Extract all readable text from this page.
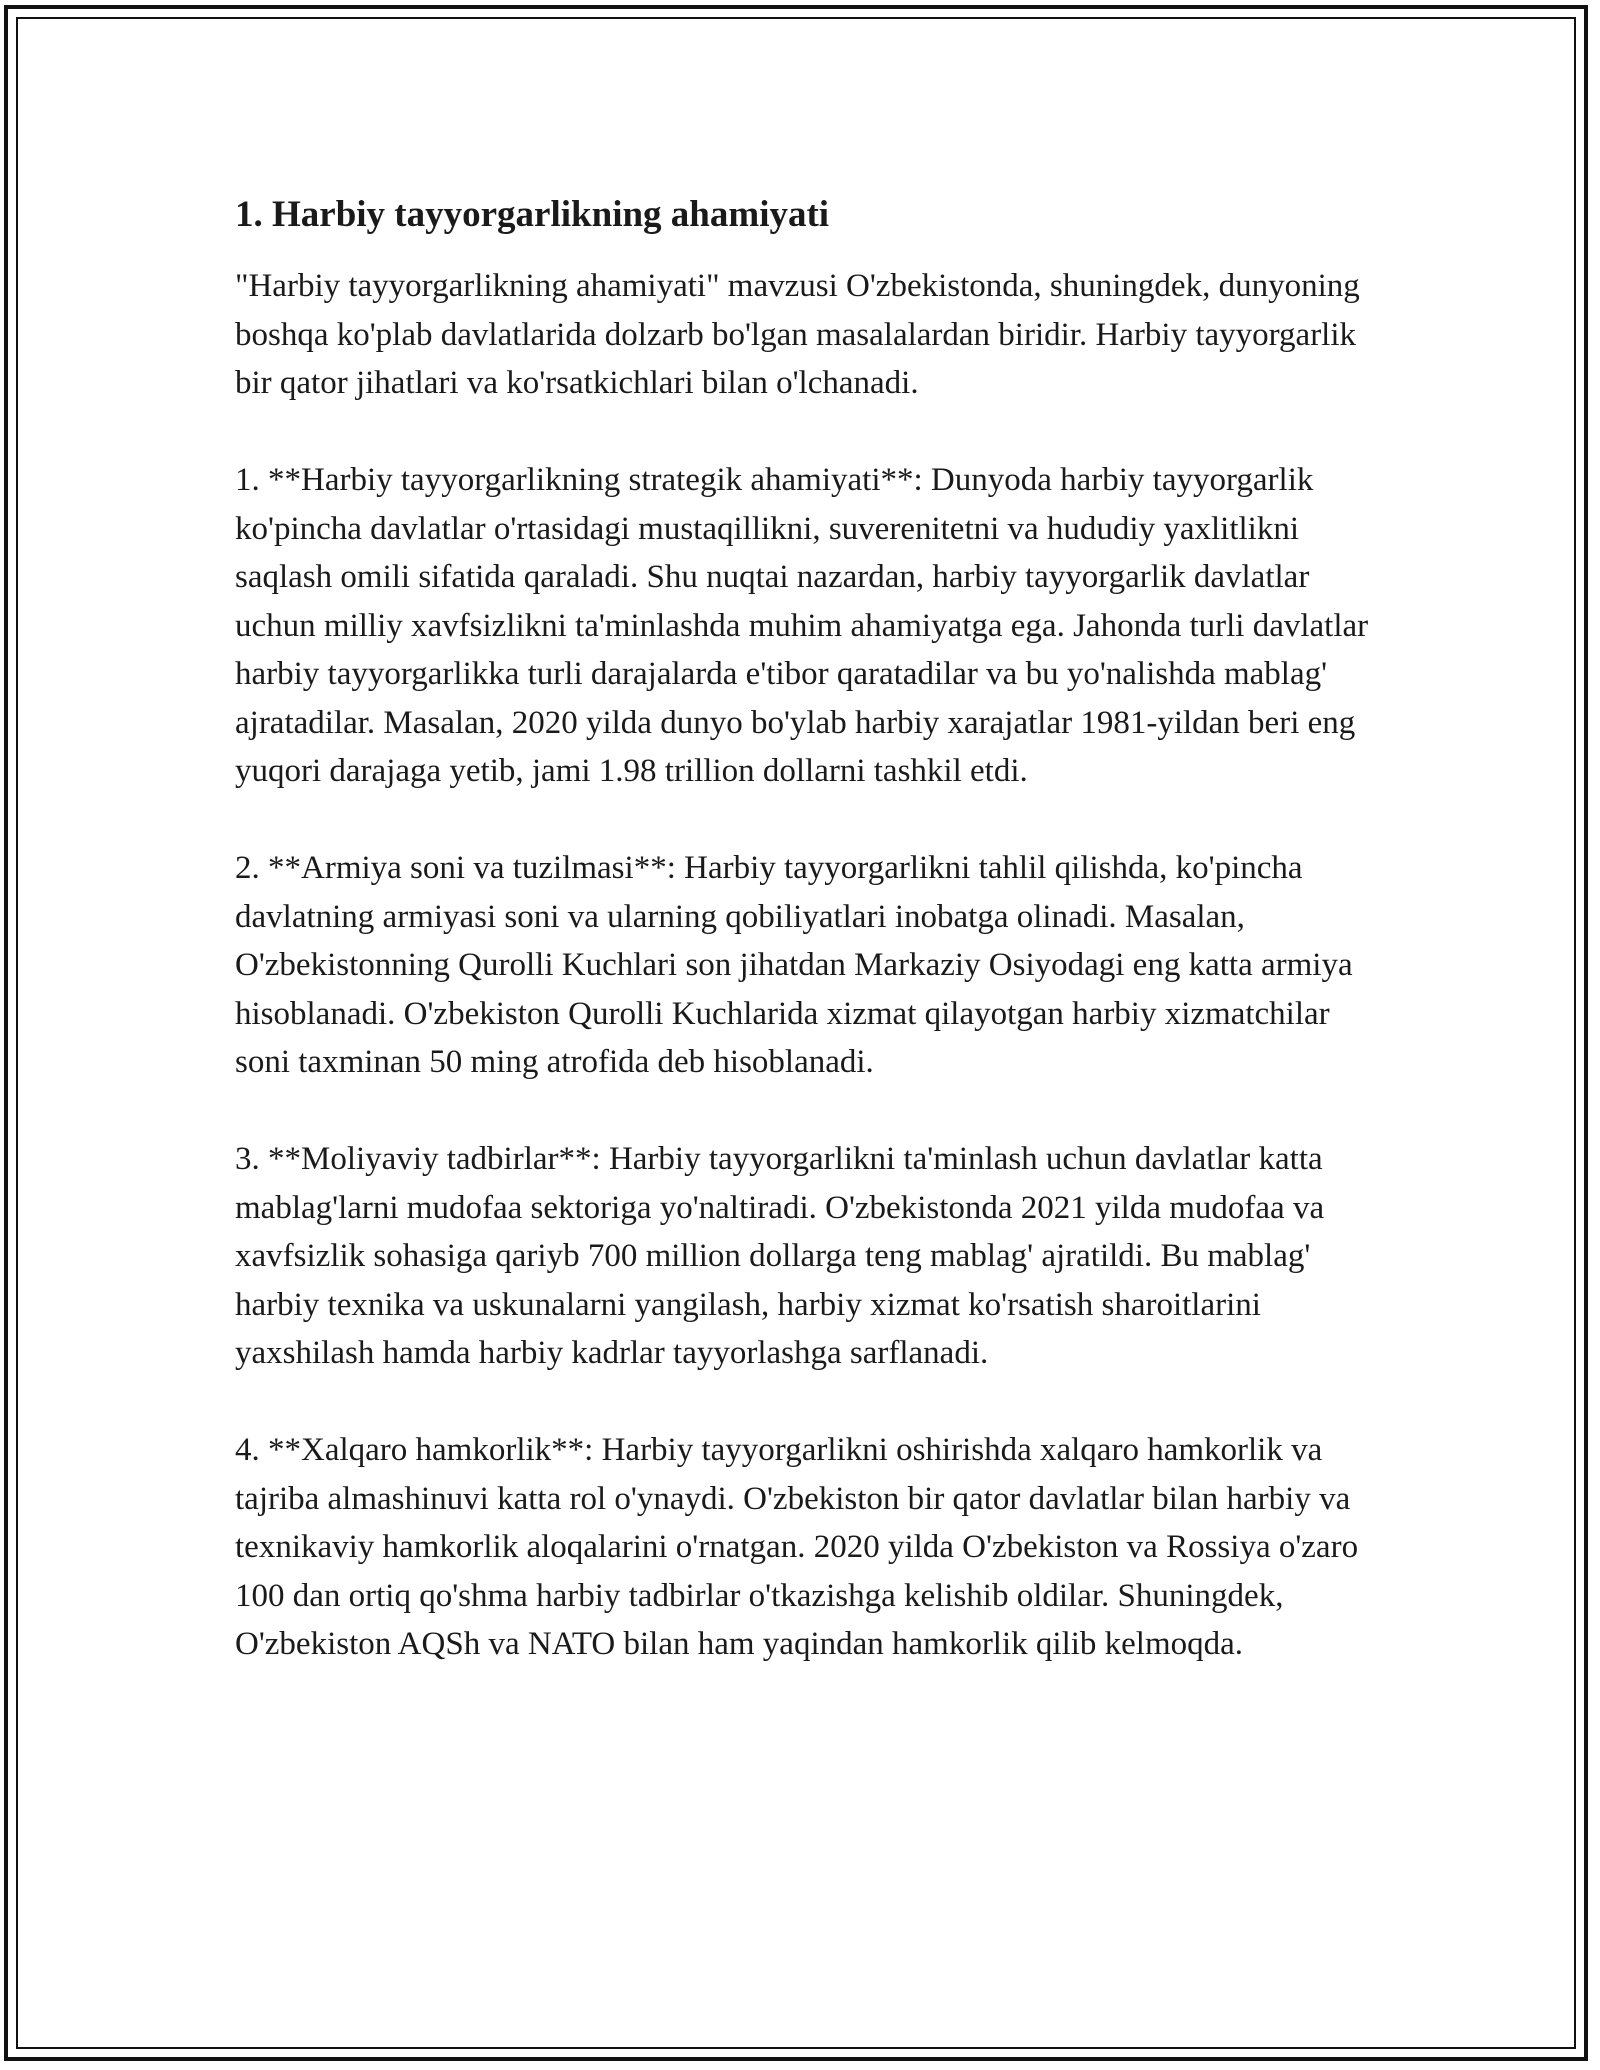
1. Harbiy tayyorgarlikning ahamiyati

"Harbiy tayyorgarlikning ahamiyati" mavzusi O'zbekistonda, shuningdek, dunyoning boshqa ko'plab davlatlarida dolzarb bo'lgan masalalardan biridir. Harbiy tayyorgarlik bir qator jihatlari va ko'rsatkichlari bilan o'lchanadi.

1. **Harbiy tayyorgarlikning strategik ahamiyati**: Dunyoda harbiy tayyorgarlik ko'pincha davlatlar o'rtasidagi mustaqillikni, suverenitetni va hududiy yaxlitlikni saqlash omili sifatida qaraladi. Shu nuqtai nazardan, harbiy tayyorgarlik davlatlar uchun milliy xavfsizlikni ta'minlashda muhim ahamiyatga ega. Jahonda turli davlatlar harbiy tayyorgarlikka turli darajalarda e'tibor qaratadilar va bu yo'nalishda mablag' ajratadilar. Masalan, 2020 yilda dunyo bo'ylab harbiy xarajatlar 1981-yildan beri eng yuqori darajaga yetib, jami 1.98 trillion dollarni tashkil etdi.

2. **Armiya soni va tuzilmasi**: Harbiy tayyorgarlikni tahlil qilishda, ko'pincha davlatning armiyasi soni va ularning qobiliyatlari inobatga olinadi. Masalan, O'zbekistonning Qurolli Kuchlari son jihatdan Markaziy Osiyodagi eng katta armiya hisoblanadi. O'zbekiston Qurolli Kuchlarida xizmat qilayotgan harbiy xizmatchilar soni taxminan 50 ming atrofida deb hisoblanadi.

3. **Moliyaviy tadbirlar**: Harbiy tayyorgarlikni ta'minlash uchun davlatlar katta mablag'larni mudofaa sektoriga yo'naltiradi. O'zbekistonda 2021 yilda mudofaa va xavfsizlik sohasiga qariyb 700 million dollarga teng mablag' ajratildi. Bu mablag' harbiy texnika va uskunalarni yangilash, harbiy xizmat ko'rsatish sharoitlarini yaxshilash hamda harbiy kadrlar tayyorlashga sarflanadi.

4. **Xalqaro hamkorlik**: Harbiy tayyorgarlikni oshirishda xalqaro hamkorlik va tajriba almashinuvi katta rol o'ynaydi. O'zbekiston bir qator davlatlar bilan harbiy va texnikaviy hamkorlik aloqalarini o'rnatgan. 2020 yilda O'zbekiston va Rossiya o'zaro 100 dan ortiq qo'shma harbiy tadbirlar o'tkazishga kelishib oldilar. Shuningdek, O'zbekiston AQSh va NATO bilan ham yaqindan hamkorlik qilib kelmoqda.
